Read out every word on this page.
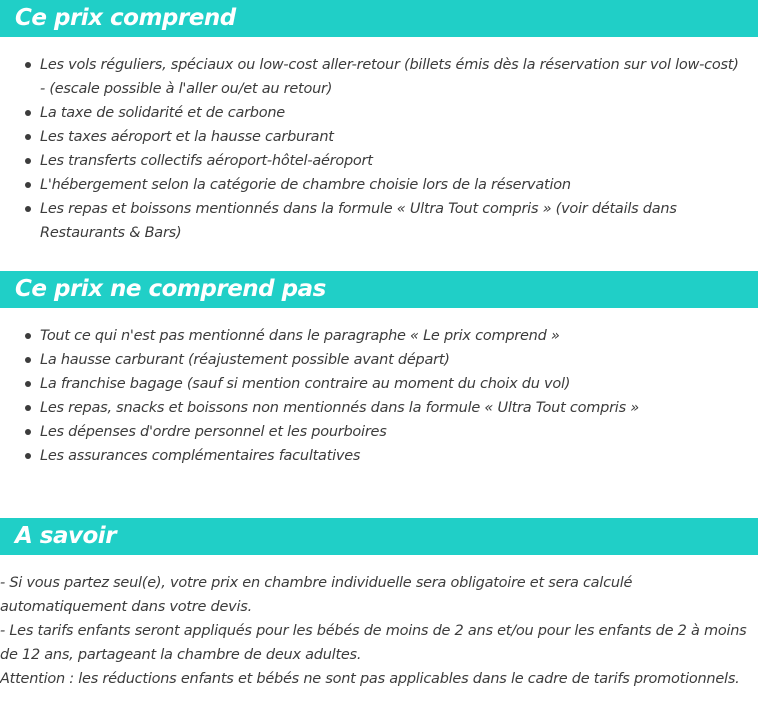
Ce prix comprend
Les vols réguliers, spéciaux ou low-cost aller-retour (billets émis dès la réservation sur vol low-cost) - (escale possible à l'aller ou/et au retour)
La taxe de solidarité et de carbone
Les taxes aéroport et la hausse carburant
Les transferts collectifs aéroport-hôtel-aéroport
L'hébergement selon la catégorie de chambre choisie lors de la réservation
Les repas et boissons mentionnés dans la formule « Ultra Tout compris » (voir détails dans Restaurants & Bars)
Ce prix ne comprend pas
Tout ce qui n'est pas mentionné dans le paragraphe « Le prix comprend »
La hausse carburant (réajustement possible avant départ)
La franchise bagage (sauf si mention contraire au moment du choix du vol)
Les repas, snacks et boissons non mentionnés dans la formule « Ultra Tout compris »
Les dépenses d'ordre personnel et les pourboires
Les assurances complémentaires facultatives
A savoir

- Si vous partez seul(e), votre prix en chambre individuelle sera obligatoire et sera calculé automatiquement dans votre devis.

- Les tarifs enfants seront appliqués pour les bébés de moins de 2 ans et/ou pour les enfants de 2 à moins de 12 ans, partageant la chambre de deux adultes.

Attention : les réductions enfants et bébés ne sont pas applicables dans le cadre de tarifs promotionnels.
